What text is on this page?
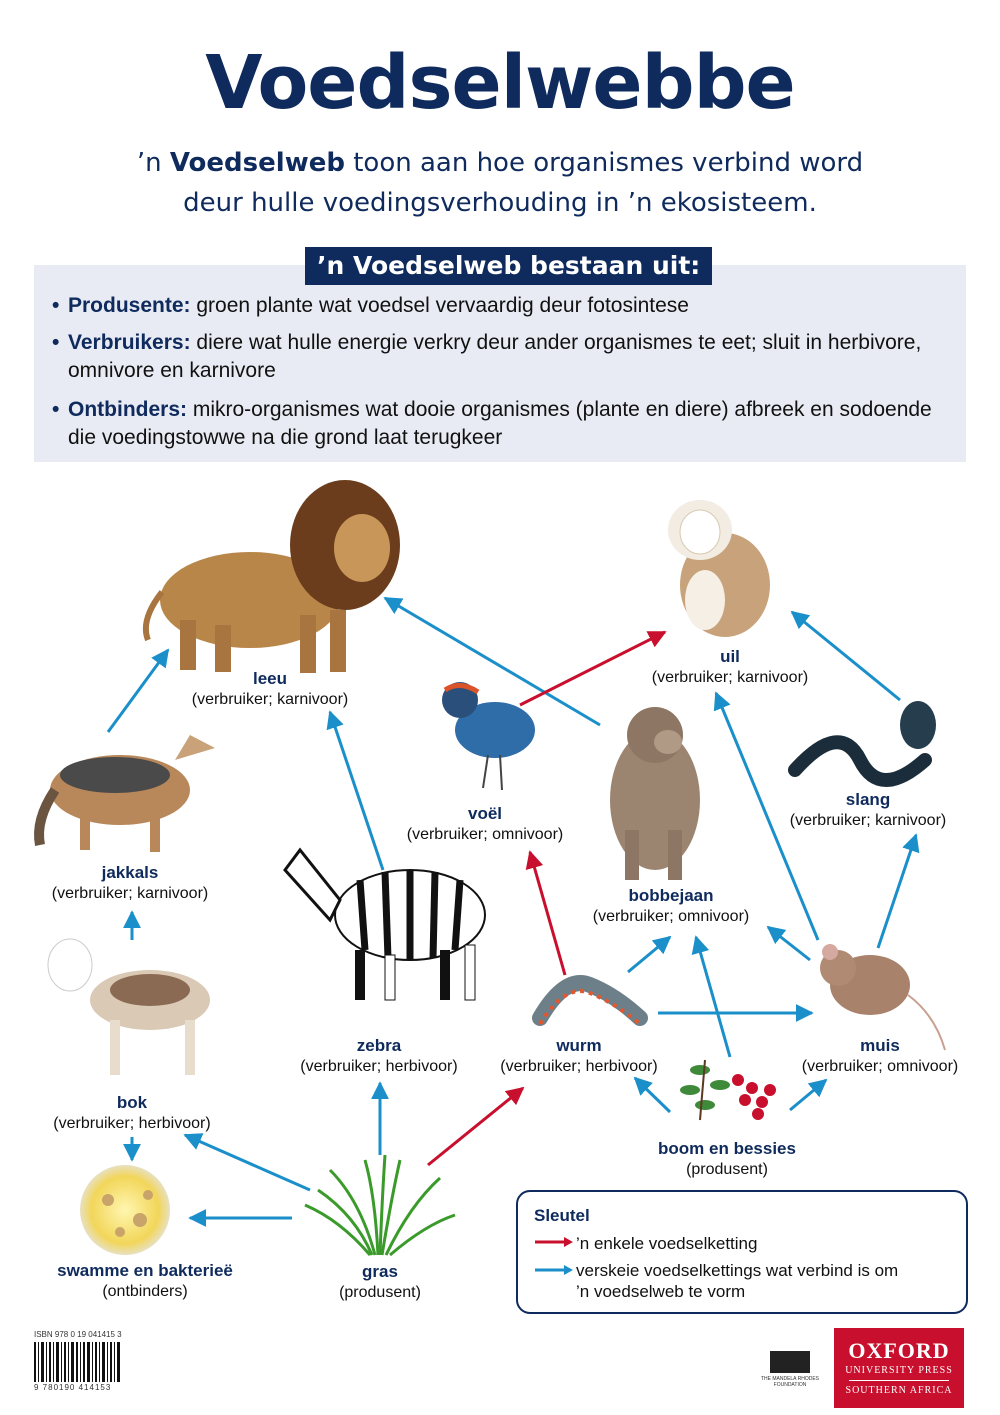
Voedselwebbe
’n Voedselweb toon aan hoe organismes verbind word
deur hulle voedingsverhouding in ’n ekosisteem.
’n Voedselweb bestaan uit:
• Produsente: groen plante wat voedsel vervaardig deur fotosintese
• Verbruikers: diere wat hulle energie verkry deur ander organismes te eet; sluit in herbivore, omnivore en karnivore
• Ontbinders: mikro-organismes wat dooie organismes (plante en diere) afbreek en sodoende die voedingstowwe na die grond laat terugkeer
leeu
(verbruiker; karnivoor)
uil
(verbruiker; karnivoor)
voël
(verbruiker; omnivoor)
jakkals
(verbruiker; karnivoor)
slang
(verbruiker; karnivoor)
bobbejaan
(verbruiker; omnivoor)
zebra
(verbruiker; herbivoor)
wurm
(verbruiker; herbivoor)
muis
(verbruiker; omnivoor)
bok
(verbruiker; herbivoor)
boom en bessies
(produsent)
swamme en bakterieë
(ontbinders)
gras
(produsent)
Sleutel
’n enkele voedselketting
verskeie voedselkettings wat verbind is om
’n voedselweb te vorm
ISBN 978 0 19 041415 3
9 780190 414153
THE MANDELA RHODES FOUNDATION
OXFORD
UNIVERSITY PRESS
SOUTHERN AFRICA
